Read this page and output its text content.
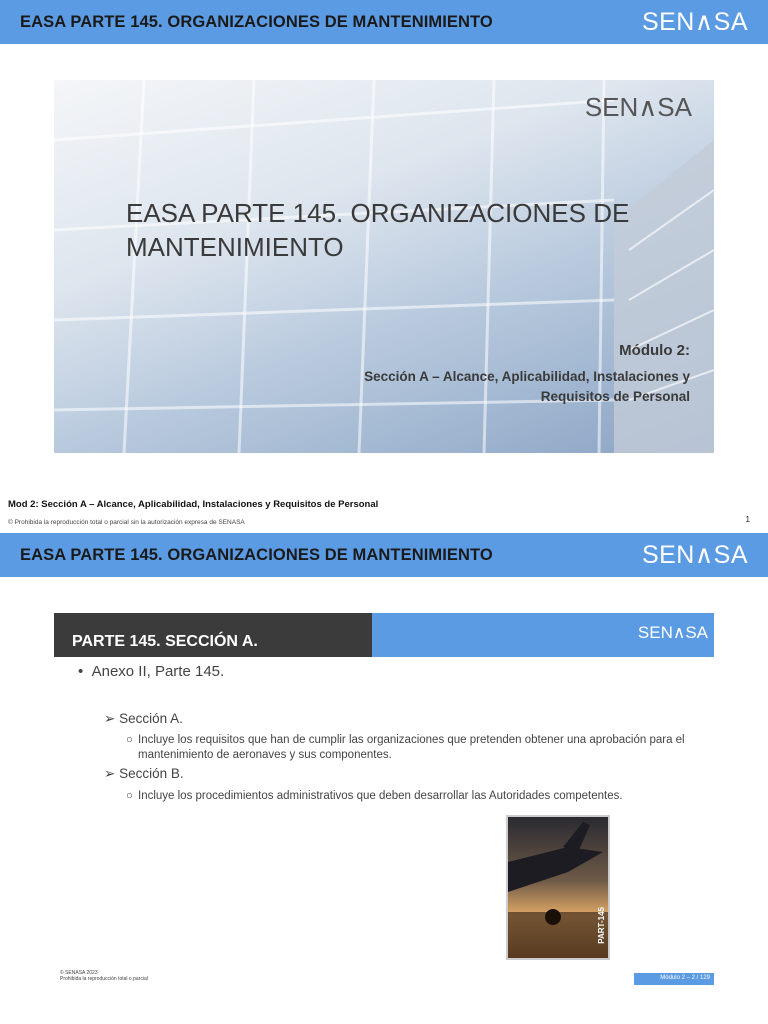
EASA PARTE 145. ORGANIZACIONES DE MANTENIMIENTO	SEN∧SA
SEN∧SA
EASA PARTE 145. ORGANIZACIONES DE MANTENIMIENTO
Módulo 2:
Sección A – Alcance, Aplicabilidad, Instalaciones y Requisitos de Personal
Mod 2: Sección A – Alcance, Aplicabilidad, Instalaciones y Requisitos de Personal
© Prohibida la reproducción total o parcial sin la autorización expresa de SENASA	1
EASA PARTE 145. ORGANIZACIONES DE MANTENIMIENTO	SEN∧SA
PARTE 145. SECCIÓN A.	SEN∧SA
•  Anexo II, Parte 145.
➢ Sección A.
○ Incluye los requisitos que han de cumplir las organizaciones que pretenden obtener una aprobación para el mantenimiento de aeronaves y sus componentes.
➢ Sección B.
○ Incluye los procedimientos administrativos que deben desarrollar las Autoridades competentes.
PART-145
© SENASA 2023
Prohibida la reproducción total o parcial	Módulo 2 – 2 / 129
